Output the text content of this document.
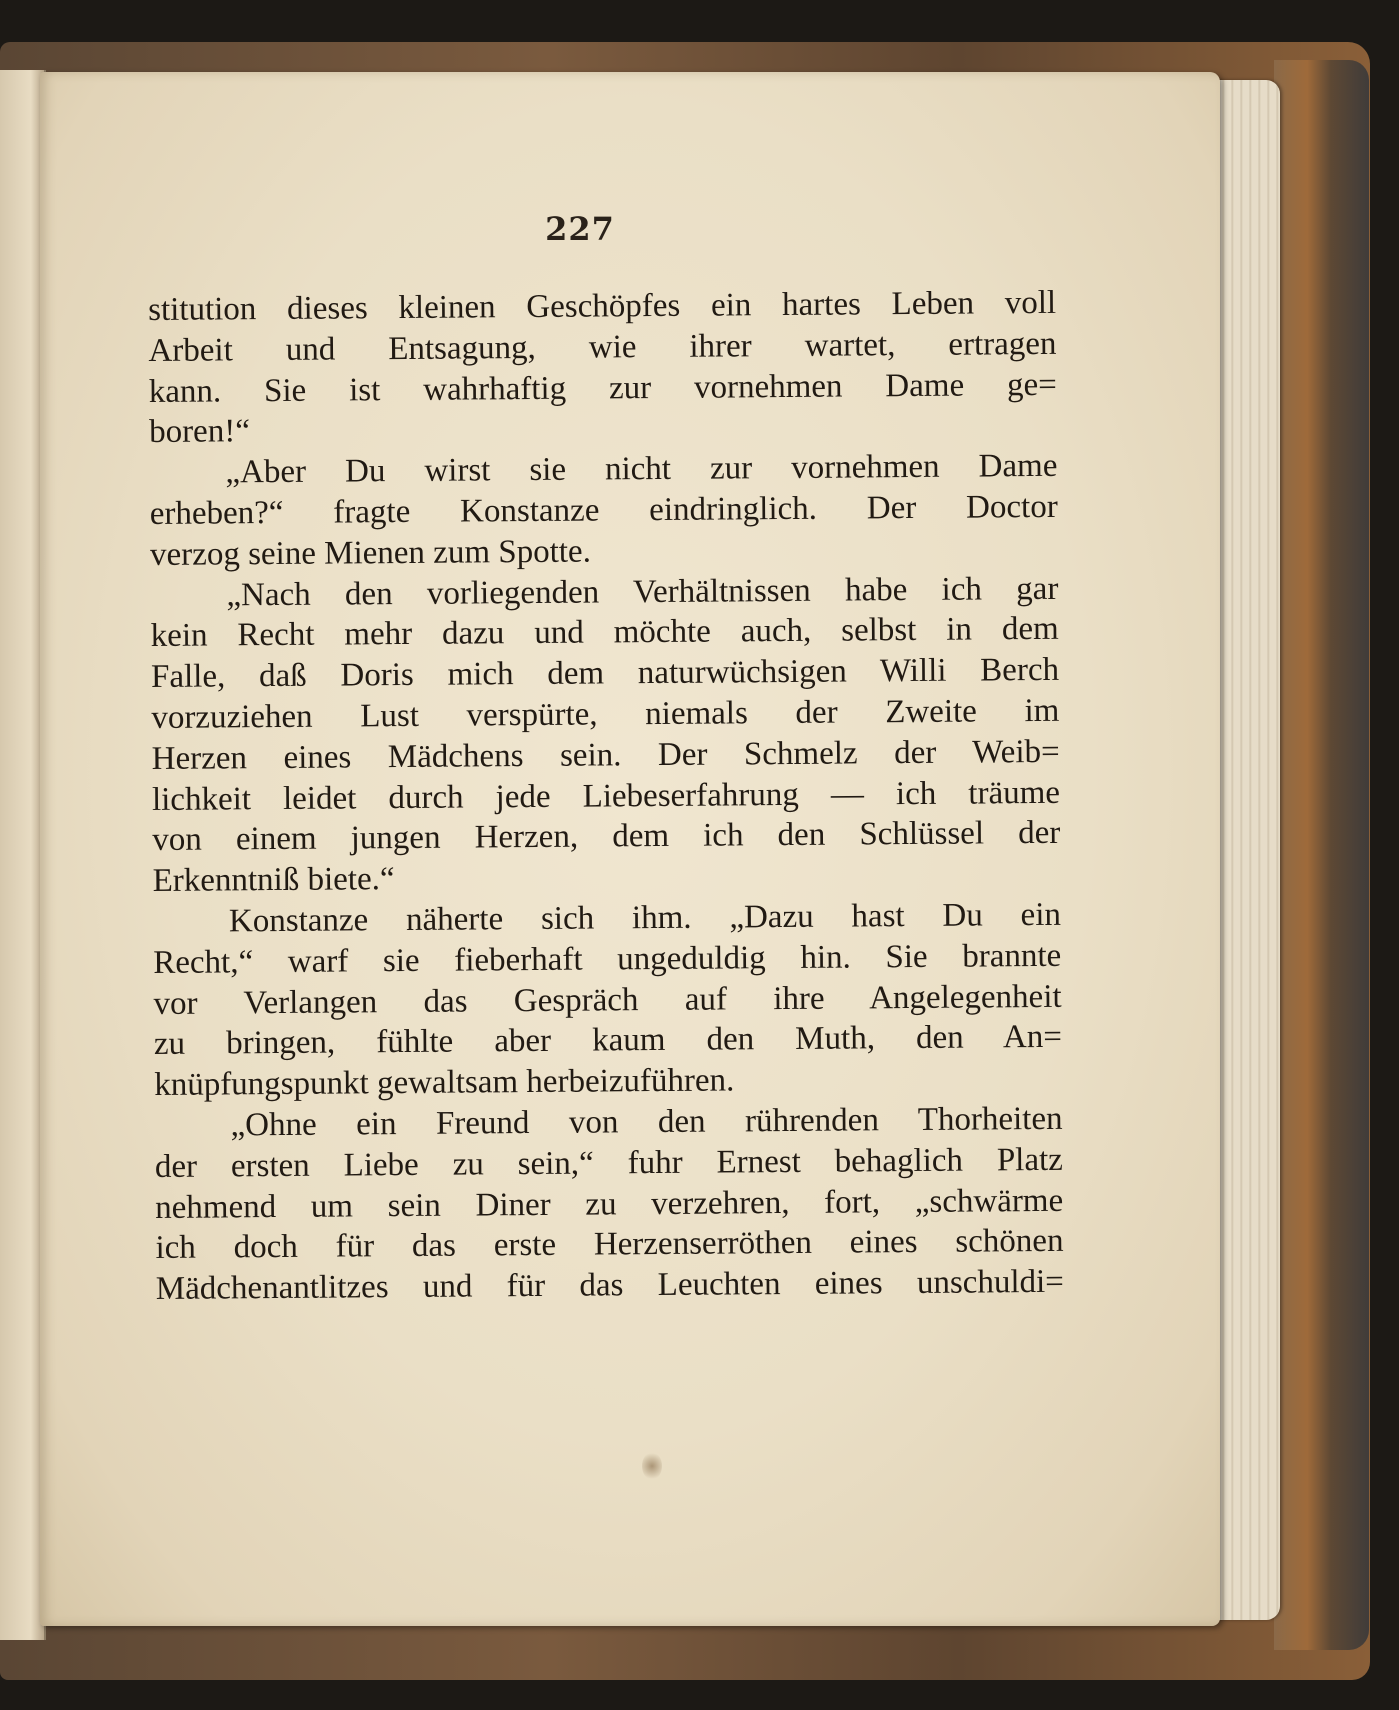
227
stitution dieses kleinen Geschöpfes ein hartes Leben voll
Arbeit und Entsagung, wie ihrer wartet, ertragen
kann. Sie ist wahrhaftig zur vornehmen Dame ge=
boren!“
„Aber Du wirst sie nicht zur vornehmen Dame
erheben?“ fragte Konstanze eindringlich. Der Doctor
verzog seine Mienen zum Spotte.
„Nach den vorliegenden Verhältnissen habe ich gar
kein Recht mehr dazu und möchte auch, selbst in dem
Falle, daß Doris mich dem naturwüchsigen Willi Berch
vorzuziehen Lust verspürte, niemals der Zweite im
Herzen eines Mädchens sein. Der Schmelz der Weib=
lichkeit leidet durch jede Liebeserfahrung — ich träume
von einem jungen Herzen, dem ich den Schlüssel der
Erkenntniß biete.“
Konstanze näherte sich ihm. „Dazu hast Du ein
Recht,“ warf sie fieberhaft ungeduldig hin. Sie brannte
vor Verlangen das Gespräch auf ihre Angelegenheit
zu bringen, fühlte aber kaum den Muth, den An=
knüpfungspunkt gewaltsam herbeizuführen.
„Ohne ein Freund von den rührenden Thorheiten
der ersten Liebe zu sein,“ fuhr Ernest behaglich Platz
nehmend um sein Diner zu verzehren, fort, „schwärme
ich doch für das erste Herzenserröthen eines schönen
Mädchenantlitzes und für das Leuchten eines unschuldi=
